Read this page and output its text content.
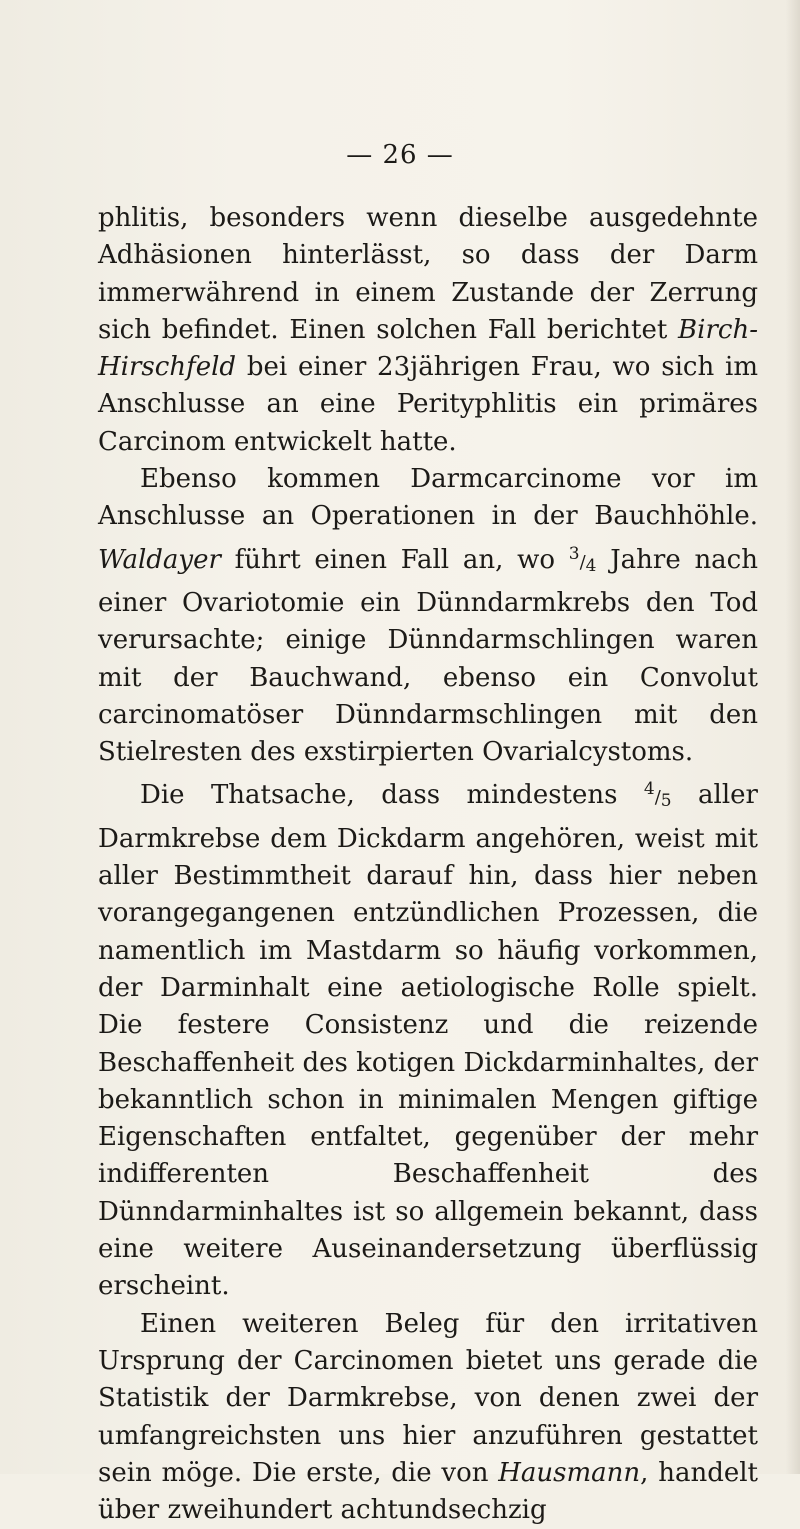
— 26 —

phlitis, besonders wenn dieselbe ausgedehnte Adhäsionen hinterlässt, so dass der Darm immerwährend in einem Zustande der Zerrung sich befindet. Einen solchen Fall berichtet Birch-Hirschfeld bei einer 23jährigen Frau, wo sich im Anschlusse an eine Perityphlitis ein primäres Carcinom entwickelt hatte.

Ebenso kommen Darmcarcinome vor im Anschlusse an Operationen in der Bauchhöhle. Waldayer führt einen Fall an, wo $^3/_4$ Jahre nach einer Ovariotomie ein Dünndarmkrebs den Tod verursachte; einige Dünndarmschlingen waren mit der Bauchwand, ebenso ein Convolut carcinomatöser Dünndarmschlingen mit den Stielresten des exstirpierten Ovarialcystoms.

Die Thatsache, dass mindestens $^4/_5$ aller Darmkrebse dem Dickdarm angehören, weist mit aller Bestimmtheit darauf hin, dass hier neben vorangegangenen entzündlichen Prozessen, die namentlich im Mastdarm so häufig vorkommen, der Darminhalt eine aetiologische Rolle spielt. Die festere Consistenz und die reizende Beschaffenheit des kotigen Dickdarminhaltes, der bekanntlich schon in minimalen Mengen giftige Eigenschaften entfaltet, gegenüber der mehr indifferenten Beschaffenheit des Dünndarminhaltes ist so allgemein bekannt, dass eine weitere Auseinandersetzung überflüssig erscheint.

Einen weiteren Beleg für den irritativen Ursprung der Carcinomen bietet uns gerade die Statistik der Darmkrebse, von denen zwei der umfangreichsten uns hier anzuführen gestattet sein möge. Die erste, die von Hausmann, handelt über zweihundert achtundsechzig
